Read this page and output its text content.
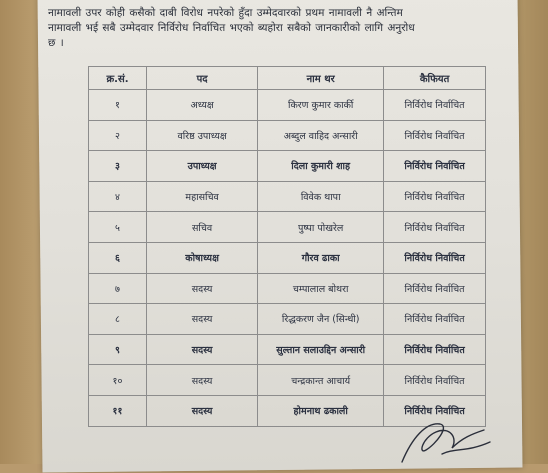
नामावली उपर कोही कसैको दाबी विरोध नपरेको हुँदा उम्मेदवारको प्रथम नामावली नै अन्तिम

नामावली भई सबै उम्मेदवार निर्विरोध निर्वाचित भएको ब्यहोरा सबैको जानकारीको लागि अनुरोध

छ ।

क्र.सं.	पद	नाम थर	कैफियत
१	अध्यक्ष	किरण कुमार कार्की	निर्विरोध निर्वाचित
२	वरिष्ठ उपाध्यक्ष	अब्दुल वाहिद अन्सारी	निर्विरोध निर्वाचित
३	उपाध्यक्ष	दिला कुमारी शाह	निर्विरोध निर्वाचित
४	महासचिव	विवेक थापा	निर्विरोध निर्वाचित
५	सचिव	पुष्पा पोखरेल	निर्विरोध निर्वाचित
६	कोषाध्यक्ष	गौरव ढाका	निर्विरोध निर्वाचित
७	सदस्य	चम्पालाल बोथरा	निर्विरोध निर्वाचित
८	सदस्य	रिद्धकरण जैन (सिन्धी)	निर्विरोध निर्वाचित
९	सदस्य	सुल्तान सलाउद्दिन अन्सारी	निर्विरोध निर्वाचित
१०	सदस्य	चन्द्रकान्त आचार्य	निर्विरोध निर्वाचित
११	सदस्य	होमनाथ ढकाली	निर्विरोध निर्वाचित
